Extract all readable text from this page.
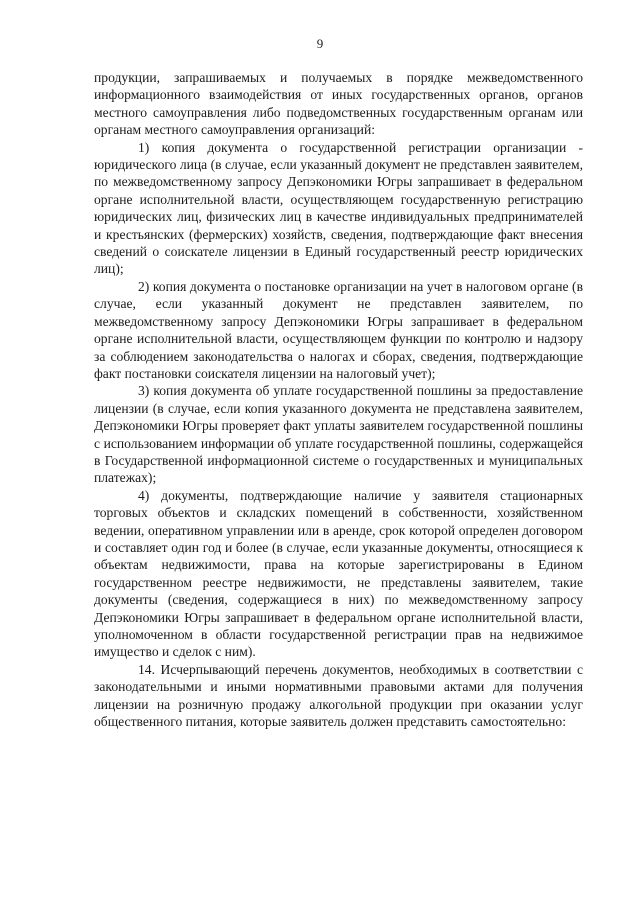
9

продукции, запрашиваемых и получаемых в порядке межведомственного информационного взаимодействия от иных государственных органов, органов местного самоуправления либо подведомственных государственным органам или органам местного самоуправления организаций:

1) копия документа о государственной регистрации организации - юридического лица (в случае, если указанный документ не представлен заявителем, по межведомственному запросу Депэкономики Югры запрашивает в федеральном органе исполнительной власти, осуществляющем государственную регистрацию юридических лиц, физических лиц в качестве индивидуальных предпринимателей и крестьянских (фермерских) хозяйств, сведения, подтверждающие факт внесения сведений о соискателе лицензии в Единый государственный реестр юридических лиц);

2) копия документа о постановке организации на учет в налоговом органе (в случае, если указанный документ не представлен заявителем, по межведомственному запросу Депэкономики Югры запрашивает в федеральном органе исполнительной власти, осуществляющем функции по контролю и надзору за соблюдением законодательства о налогах и сборах, сведения, подтверждающие факт постановки соискателя лицензии на налоговый учет);

3) копия документа об уплате государственной пошлины за предоставление лицензии (в случае, если копия указанного документа не представлена заявителем, Депэкономики Югры проверяет факт уплаты заявителем государственной пошлины с использованием информации об уплате государственной пошлины, содержащейся в Государственной информационной системе о государственных и муниципальных платежах);

4) документы, подтверждающие наличие у заявителя стационарных торговых объектов и складских помещений в собственности, хозяйственном ведении, оперативном управлении или в аренде, срок которой определен договором и составляет один год и более (в случае, если указанные документы, относящиеся к объектам недвижимости, права на которые зарегистрированы в Едином государственном реестре недвижимости, не представлены заявителем, такие документы (сведения, содержащиеся в них) по межведомственному запросу Депэкономики Югры запрашивает в федеральном органе исполнительной власти, уполномоченном в области государственной регистрации прав на недвижимое имущество и сделок с ним).

14. Исчерпывающий перечень документов, необходимых в соответствии с законодательными и иными нормативными правовыми актами для получения лицензии на розничную продажу алкогольной продукции при оказании услуг общественного питания, которые заявитель должен представить самостоятельно:
